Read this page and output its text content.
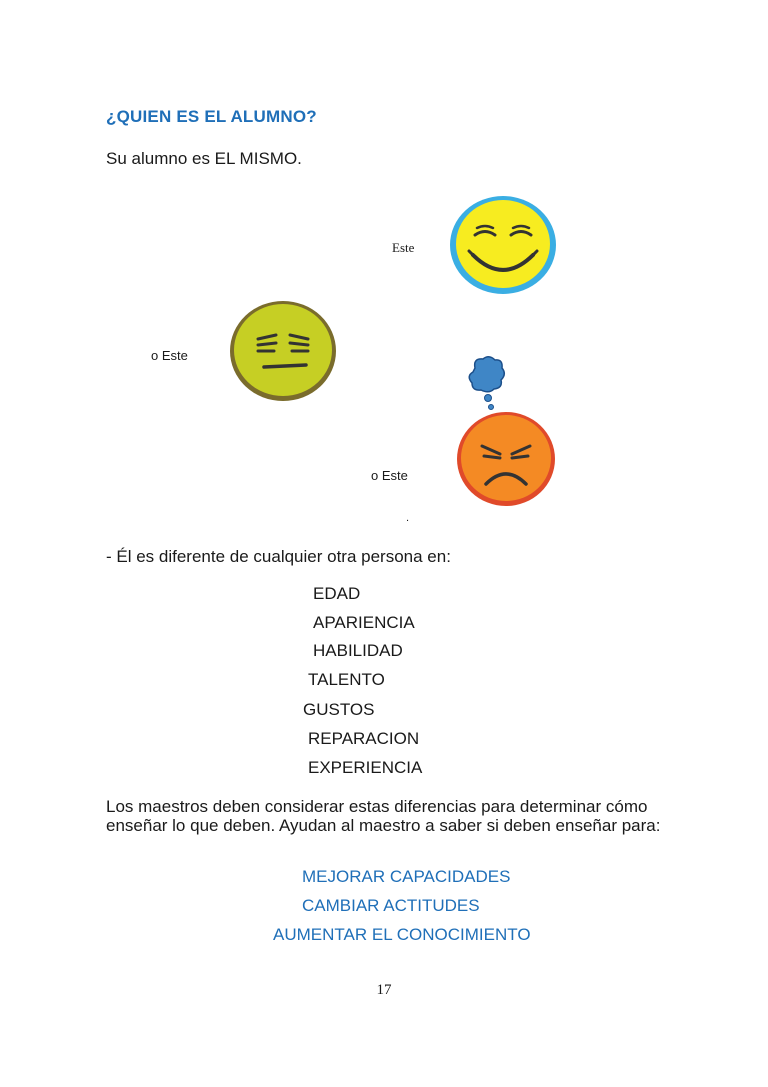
¿QUIEN ES EL ALUMNO?
Su alumno es EL MISMO.
Este
o Este
o Este
.
- Él es diferente de cualquier otra persona en:
EDAD
APARIENCIA
HABILIDAD
TALENTO
GUSTOS
REPARACION
EXPERIENCIA
Los maestros deben considerar estas diferencias para determinar cómo enseñar lo que deben. Ayudan al maestro a saber si deben enseñar para:
MEJORAR CAPACIDADES
CAMBIAR ACTITUDES
AUMENTAR EL CONOCIMIENTO
17
